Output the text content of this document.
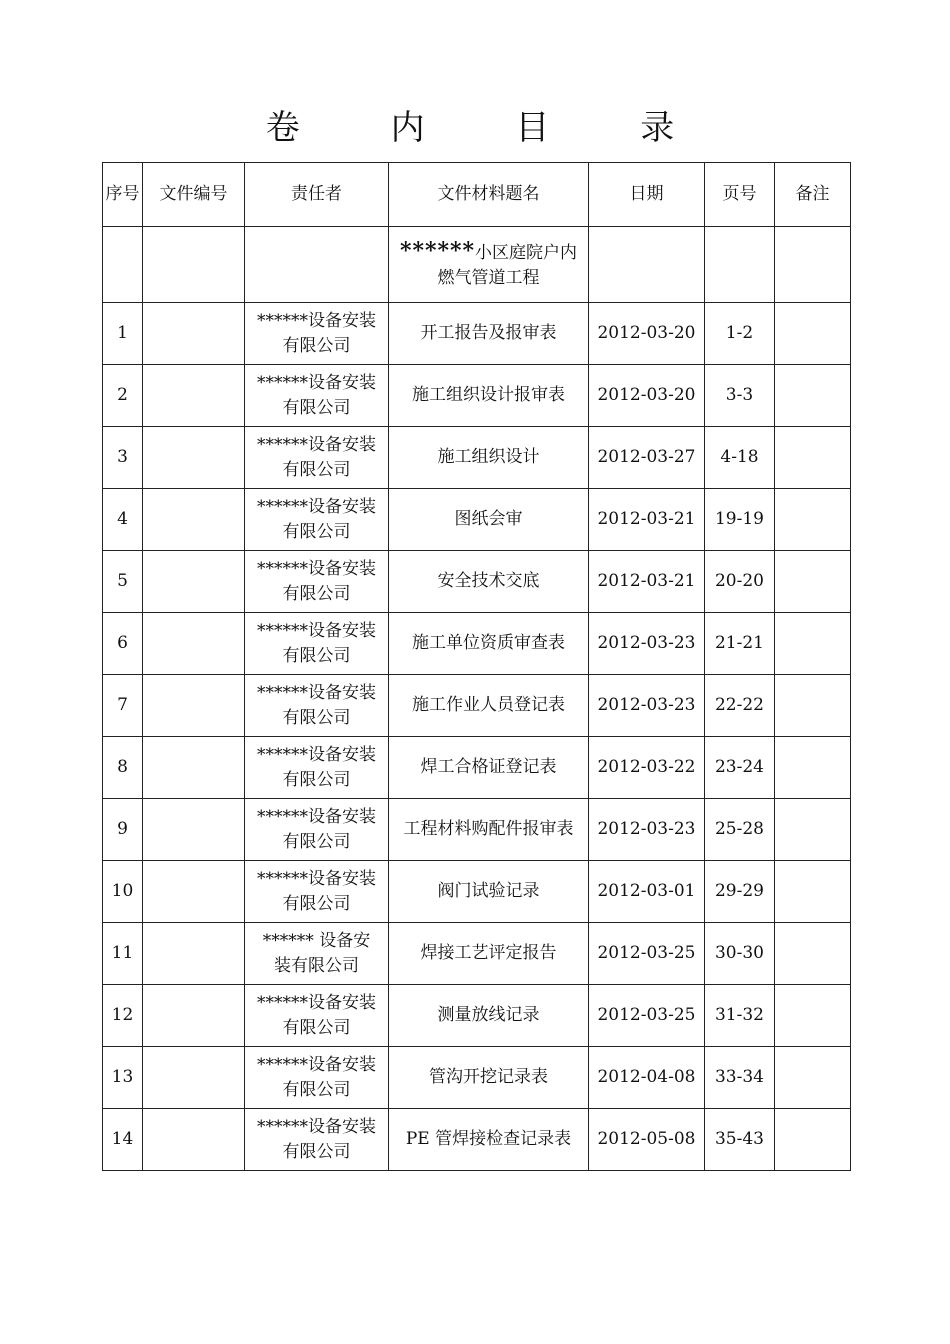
卷 内 目 录
序号	文件编号	责任者	文件材料题名	日期	页号	备注
			******小区庭院户内燃气管道工程			
1		******设备安装有限公司	开工报告及报审表	2012-03-20	1-2	
2		******设备安装有限公司	施工组织设计报审表	2012-03-20	3-3	
3		******设备安装有限公司	施工组织设计	2012-03-27	4-18	
4		******设备安装有限公司	图纸会审	2012-03-21	19-19	
5		******设备安装有限公司	安全技术交底	2012-03-21	20-20	
6		******设备安装有限公司	施工单位资质审查表	2012-03-23	21-21	
7		******设备安装有限公司	施工作业人员登记表	2012-03-23	22-22	
8		******设备安装有限公司	焊工合格证登记表	2012-03-22	23-24	
9		******设备安装有限公司	工程材料购配件报审表	2012-03-23	25-28	
10		******设备安装有限公司	阀门试验记录	2012-03-01	29-29	
11		****** 设备安装有限公司	焊接工艺评定报告	2012-03-25	30-30	
12		******设备安装有限公司	测量放线记录	2012-03-25	31-32	
13		******设备安装有限公司	管沟开挖记录表	2012-04-08	33-34	
14		******设备安装有限公司	PE 管焊接检查记录表	2012-05-08	35-43	
